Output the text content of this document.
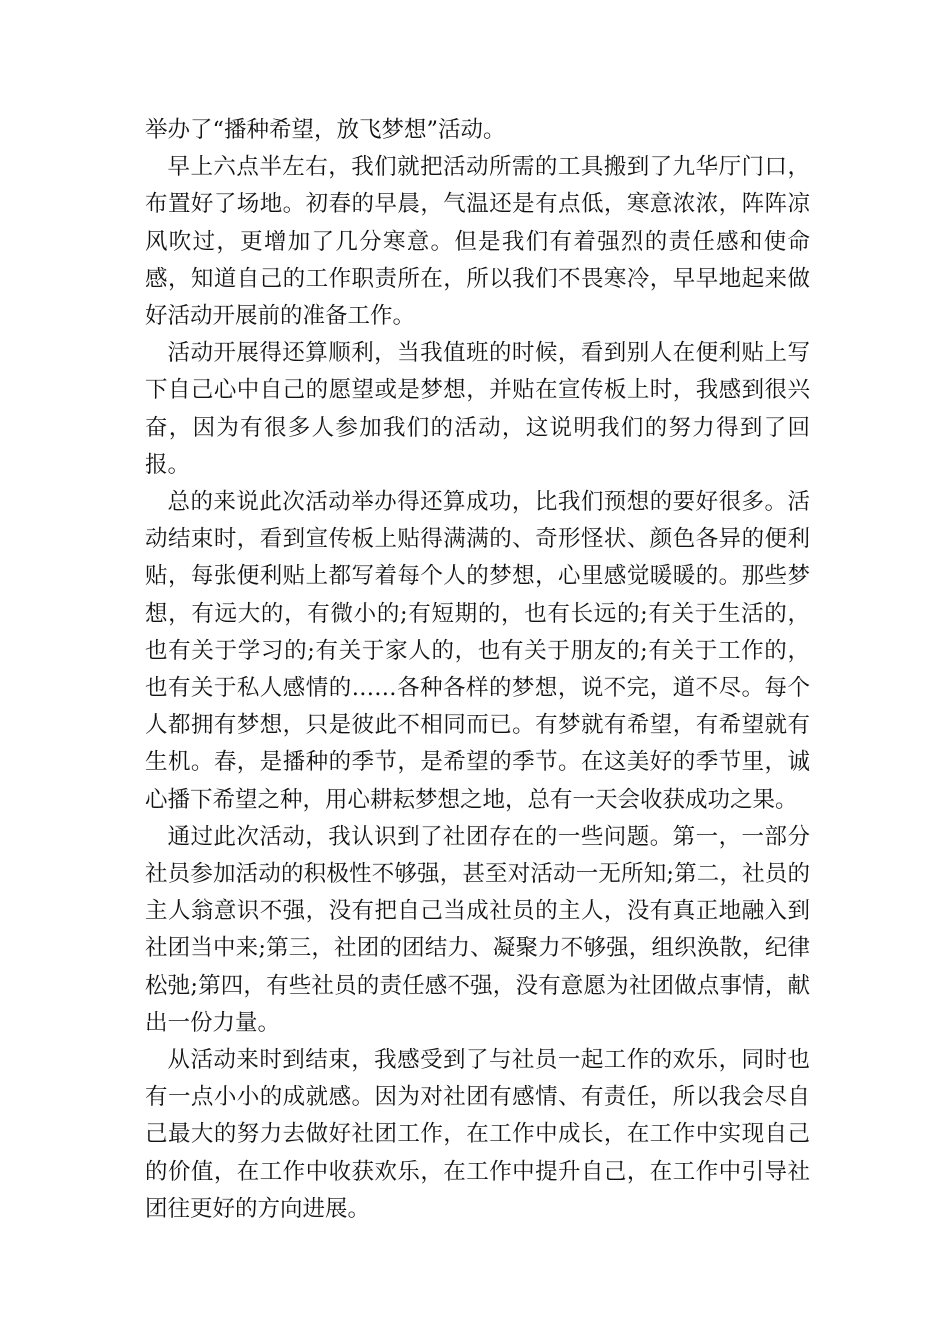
举办了“播种希望，放飞梦想”活动。

早上六点半左右，我们就把活动所需的工具搬到了九华厅门口，布置好了场地。初春的早晨，气温还是有点低，寒意浓浓，阵阵凉风吹过，更增加了几分寒意。但是我们有着强烈的责任感和使命感，知道自己的工作职责所在，所以我们不畏寒冷，早早地起来做好活动开展前的准备工作。

活动开展得还算顺利，当我值班的时候，看到别人在便利贴上写下自己心中自己的愿望或是梦想，并贴在宣传板上时，我感到很兴奋，因为有很多人参加我们的活动，这说明我们的努力得到了回报。

总的来说此次活动举办得还算成功，比我们预想的要好很多。活动结束时，看到宣传板上贴得满满的、奇形怪状、颜色各异的便利贴，每张便利贴上都写着每个人的梦想，心里感觉暖暖的。那些梦想，有远大的，有微小的;有短期的，也有长远的;有关于生活的，也有关于学习的;有关于家人的，也有关于朋友的;有关于工作的，也有关于私人感情的……各种各样的梦想，说不完，道不尽。每个人都拥有梦想，只是彼此不相同而已。有梦就有希望，有希望就有生机。春，是播种的季节，是希望的季节。在这美好的季节里，诚心播下希望之种，用心耕耘梦想之地，总有一天会收获成功之果。

通过此次活动，我认识到了社团存在的一些问题。第一，一部分社员参加活动的积极性不够强，甚至对活动一无所知;第二，社员的主人翁意识不强，没有把自己当成社员的主人，没有真正地融入到社团当中来;第三，社团的团结力、凝聚力不够强，组织涣散，纪律松弛;第四，有些社员的责任感不强，没有意愿为社团做点事情，献出一份力量。

从活动来时到结束，我感受到了与社员一起工作的欢乐，同时也有一点小小的成就感。因为对社团有感情、有责任，所以我会尽自己最大的努力去做好社团工作，在工作中成长，在工作中实现自己的价值，在工作中收获欢乐，在工作中提升自己，在工作中引导社团往更好的方向进展。
